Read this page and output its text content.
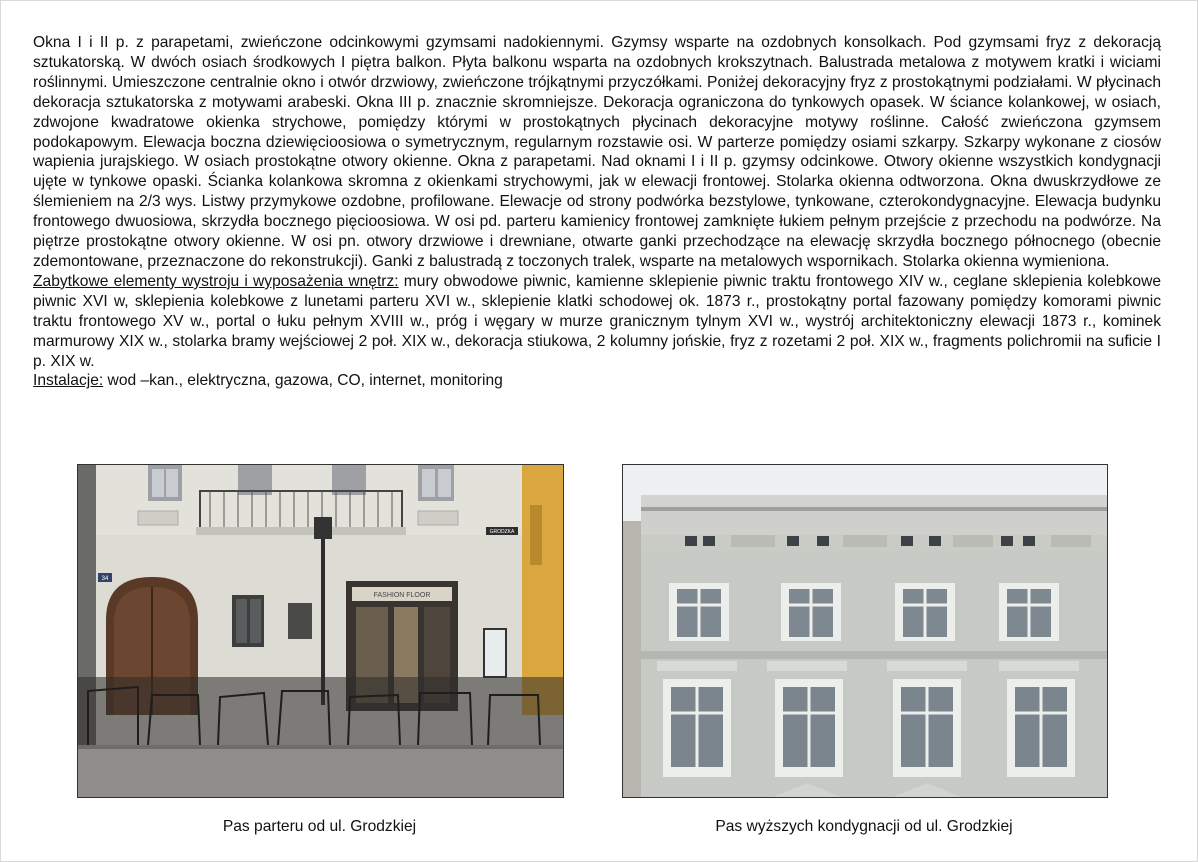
Okna I i II p. z parapetami, zwieńczone odcinkowymi gzymsami nadokiennymi. Gzymsy wsparte na ozdobnych konsolkach. Pod gzymsami fryz z dekoracją sztukatorską. W dwóch osiach środkowych I piętra balkon. Płyta balkonu wsparta na ozdobnych krokszytnach. Balustrada metalowa z motywem kratki i wiciami roślinnymi. Umieszczone centralnie okno i otwór drzwiowy, zwieńczone trójkątnymi przyczółkami. Poniżej dekoracyjny fryz z prostokątnymi podziałami. W płycinach dekoracja sztukatorska z motywami arabeski. Okna III p. znacznie skromniejsze. Dekoracja ograniczona do tynkowych opasek. W ściance kolankowej, w osiach, zdwojone kwadratowe okienka strychowe, pomiędzy którymi w prostokątnych płycinach dekoracyjne motywy roślinne. Całość zwieńczona gzymsem podokapowym. Elewacja boczna dziewięcioosiowa o symetrycznym, regularnym rozstawie osi. W parterze pomiędzy osiami szkarpy. Szkarpy wykonane z ciosów wapienia jurajskiego. W osiach prostokątne otwory okienne. Okna z parapetami. Nad oknami I i II p. gzymsy odcinkowe. Otwory okienne wszystkich kondygnacji ujęte w tynkowe opaski. Ścianka kolankowa skromna z okienkami strychowymi, jak w elewacji frontowej. Stolarka okienna odtworzona. Okna dwuskrzydłowe ze ślemieniem na 2/3 wys. Listwy przymykowe ozdobne, profilowane. Elewacje od strony podwórka bezstylowe, tynkowane, czterokondygnacyjne. Elewacja budynku frontowego dwuosiowa, skrzydła bocznego pięcioosiowa. W osi pd. parteru kamienicy frontowej zamknięte łukiem pełnym przejście z przechodu na podwórze. Na piętrze prostokątne otwory okienne. W osi pn. otwory drzwiowe i drewniane, otwarte ganki przechodzące na elewację skrzydła bocznego północnego (obecnie zdemontowane, przeznaczone do rekonstrukcji). Ganki z balustradą z toczonych tralek, wsparte na metalowych wspornikach. Stolarka okienna wymieniona.

Zabytkowe elementy wystroju i wyposażenia wnętrz: mury obwodowe piwnic, kamienne sklepienie piwnic traktu frontowego XIV w., ceglane sklepienia kolebkowe piwnic XVI w, sklepienia kolebkowe z lunetami parteru XVI w., sklepienie klatki schodowej ok. 1873 r., prostokątny portal fazowany pomiędzy komorami piwnic traktu frontowego XV w., portal o łuku pełnym XVIII w., próg i węgary w murze granicznym tylnym XVI w., wystrój architektoniczny elewacji 1873 r., kominek marmurowy XIX w., stolarka bramy wejściowej 2 poł. XIX w., dekoracja stiukowa, 2 kolumny jońskie, fryz z rozetami 2 poł. XIX w., fragments polichromii na suficie I p. XIX w.

Instalacje: wod –kan., elektryczna, gazowa, CO, internet, monitoring

34
GRODZKA
FASHION FLOOR
Pas parteru od ul. Grodzkiej	Pas wyższych kondygnacji od ul. Grodzkiej
